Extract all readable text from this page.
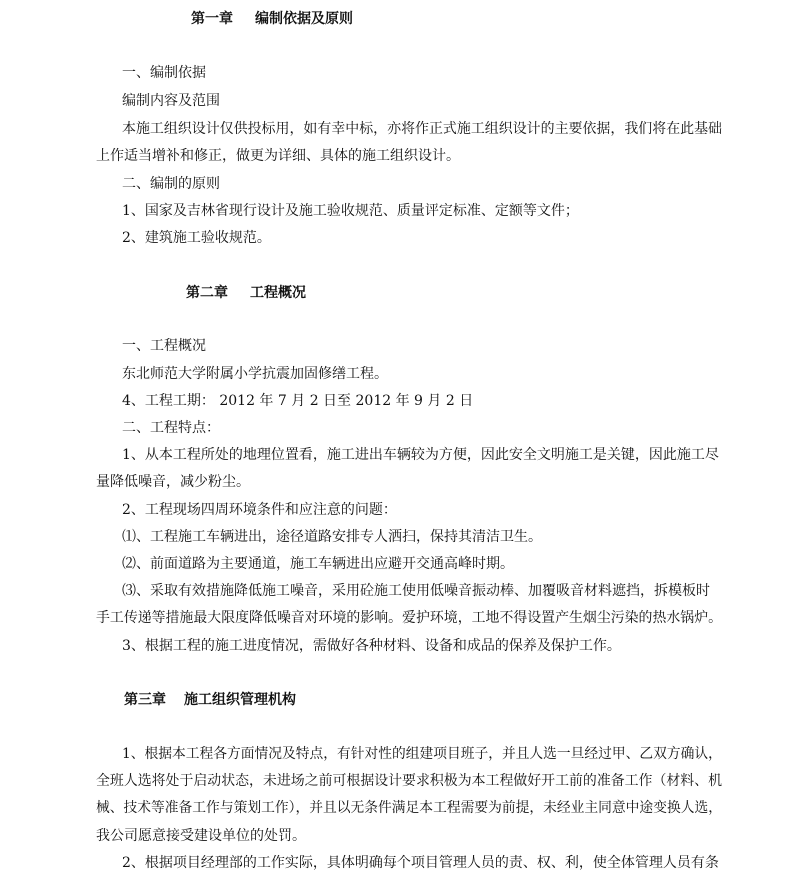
第一章 编制依据及原则
一、编制依据
编制内容及范围
本施工组织设计仅供投标用，如有幸中标，亦将作正式施工组织设计的主要依据，我们将在此基础
上作适当增补和修正，做更为详细、具体的施工组织设计。
二、编制的原则
1、国家及吉林省现行设计及施工验收规范、质量评定标准、定额等文件；
2、建筑施工验收规范。
第二章 工程概况
一、工程概况
东北师范大学附属小学抗震加固修缮工程。
4、工程工期： 2012 年 7 月 2 日至 2012 年 9 月 2 日
二、工程特点：
1、从本工程所处的地理位置看，施工进出车辆较为方便，因此安全文明施工是关键，因此施工尽
量降低噪音，减少粉尘。
2、工程现场四周环境条件和应注意的问题：
⑴、工程施工车辆进出，途径道路安排专人洒扫，保持其清洁卫生。
⑵、前面道路为主要通道，施工车辆进出应避开交通高峰时期。
⑶、采取有效措施降低施工噪音，采用砼施工使用低噪音振动棒、加覆吸音材料遮挡，拆模板时
手工传递等措施最大限度降低噪音对环境的影响。爱护环境，工地不得设置产生烟尘污染的热水锅炉。
3、根据工程的施工进度情况，需做好各种材料、设备和成品的保养及保护工作。
第三章 施工组织管理机构
1、根据本工程各方面情况及特点，有针对性的组建项目班子，并且人选一旦经过甲、乙双方确认，
全班人选将处于启动状态，未进场之前可根据设计要求积极为本工程做好开工前的准备工作（材料、机
械、技术等准备工作与策划工作），并且以无条件满足本工程需要为前提，未经业主同意中途变换人选，
我公司愿意接受建设单位的处罚。
2、根据项目经理部的工作实际，具体明确每个项目管理人员的责、权、利，使全体管理人员有条
